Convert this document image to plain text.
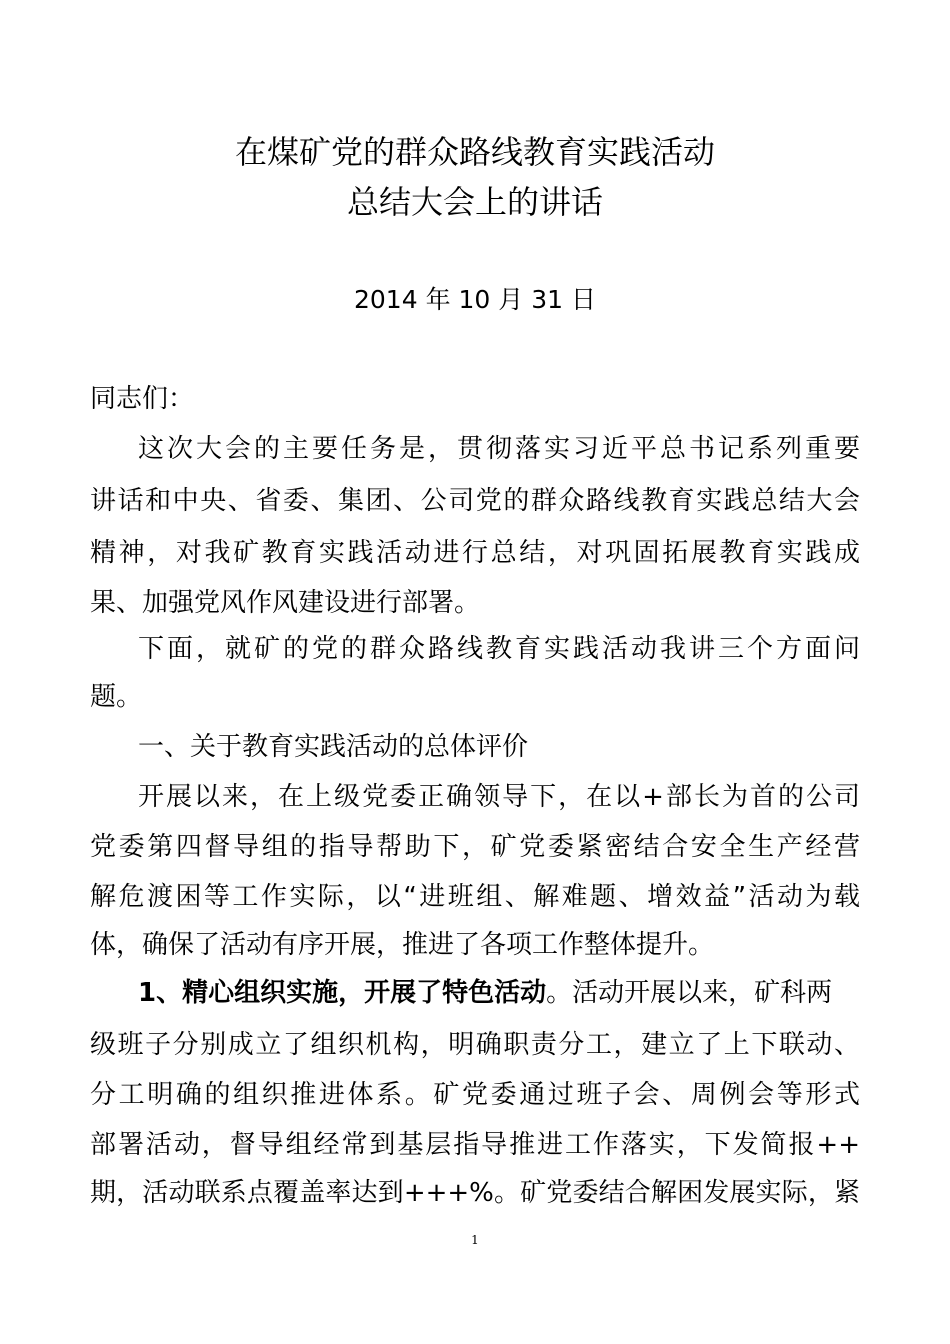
在煤矿党的群众路线教育实践活动
总结大会上的讲话
2014 年 10 月 31 日
同志们：
这次大会的主要任务是，贯彻落实习近平总书记系列重要
讲话和中央、省委、集团、公司党的群众路线教育实践总结大会
精神，对我矿教育实践活动进行总结，对巩固拓展教育实践成
果、加强党风作风建设进行部署。
下面，就矿的党的群众路线教育实践活动我讲三个方面问
题。
一、关于教育实践活动的总体评价
开展以来，在上级党委正确领导下，在以+部长为首的公司
党委第四督导组的指导帮助下，矿党委紧密结合安全生产经营
解危渡困等工作实际，以“进班组、解难题、增效益”活动为载
体，确保了活动有序开展，推进了各项工作整体提升。
1、精心组织实施，开展了特色活动。活动开展以来，矿科两
级班子分别成立了组织机构，明确职责分工，建立了上下联动、
分工明确的组织推进体系。矿党委通过班子会、周例会等形式
部署活动，督导组经常到基层指导推进工作落实，下发简报++
期，活动联系点覆盖率达到+++%。矿党委结合解困发展实际，紧
1
